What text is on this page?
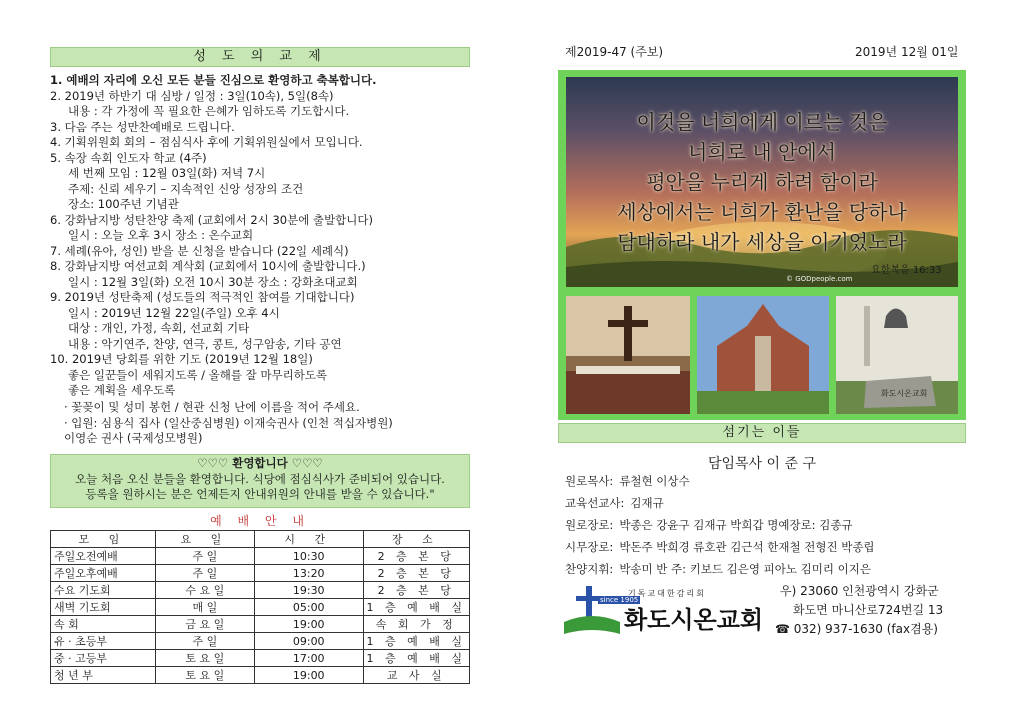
성 도 의 교 제
1. 예배의 자리에 오신 모든 분들 진심으로 환영하고 축복합니다.
2. 2019년 하반기 대 심방 / 일정 : 3일(10속), 5일(8속)
내용 : 각 가정에 꼭 필요한 은혜가 임하도록 기도합시다.
3. 다음 주는 성만찬예배로 드립니다.
4. 기획위원회 회의 – 점심식사 후에 기획위원실에서 모입니다.
5. 속장 속회 인도자 학교 (4주)
세 번째 모임 : 12월 03일(화) 저녁 7시
주제: 신뢰 세우기 – 지속적인 신앙 성장의 조건
장소: 100주년 기념관
6. 강화남지방 성탄찬양 축제 (교회에서 2시 30분에 출발합니다)
일시 : 오늘 오후 3시 장소 : 온수교회
7. 세례(유아, 성인) 받을 분 신청을 받습니다 (22일 세례식)
8. 강화남지방 여선교회 계삭회 (교회에서 10시에 출발합니다.)
일시 : 12월 3일(화) 오전 10시 30분 장소 : 강화초대교회
9. 2019년 성탄축제 (성도들의 적극적인 참여를 기대합니다)
일시 : 2019년 12월 22일(주일) 오후 4시
대상 : 개인, 가정, 속회, 선교회 기타
내용 : 악기연주, 찬양, 연극, 콩트, 성구암송, 기타 공연
10. 2019년 당회를 위한 기도 (2019년 12월 18일)
좋은 일꾼들이 세워지도록 / 올해를 잘 마무리하도록
좋은 계획을 세우도록
· 꽃꽂이 및 성미 봉헌 / 현관 신청 난에 이름을 적어 주세요.
· 입원: 심용식 집사 (일산중심병원) 이재숙권사 (인천 적십자병원)
이영순 권사 (국제성모병원)
♡♡♡ 환영합니다 ♡♡♡
오늘 처음 오신 분들을 환영합니다. 식당에 점심식사가 준비되어 있습니다.
등록을 원하시는 분은 언제든지 안내위원의 안내를 받을 수 있습니다."
예 배 안 내
모 임	요 일	시 간	장 소
주일오전예배	주 일	10:30	2 층 본 당
주일오후예배	주 일	13:20	2 층 본 당
수요 기도회	수 요 일	19:30	2 층 본 당
새벽 기도회	매 일	05:00	1 층 예 배 실
속 회	금 요 일	19:00	속 회 가 정
유 · 초등부	주 일	09:00	1 층 예 배 실
중 · 고등부	토 요 일	17:00	1 층 예 배 실
청 년 부	토 요 일	19:00	교 사 실
제2019-47 (주보)	2019년 12월 01일
이것을 너희에게 이르는 것은
너희로 내 안에서
평안을 누리게 하려 함이라
세상에서는 너희가 환난을 당하나
담대하라 내가 세상을 이기었노라
요한복음 16:33
© GODpeople.com
화도시온교회
섬기는 이들
담임목사 이 준 구
원로목사: 류철현 이상수
교육선교사: 김재규
원로장로: 박종은 강윤구 김재규 박희갑 명예장로: 김종규
시무장로: 박돈주 박희경 류호관 김근석 한재철 전형진 박종립
찬양지휘: 박송미 반 주: 키보드 김은영 피아노 김미리 이지은
since 1905
기독교대한감리회
화도시온교회
우) 23060 인천광역시 강화군
화도면 마니산로724번길 13
☎ 032) 937-1630 (fax겸용)
